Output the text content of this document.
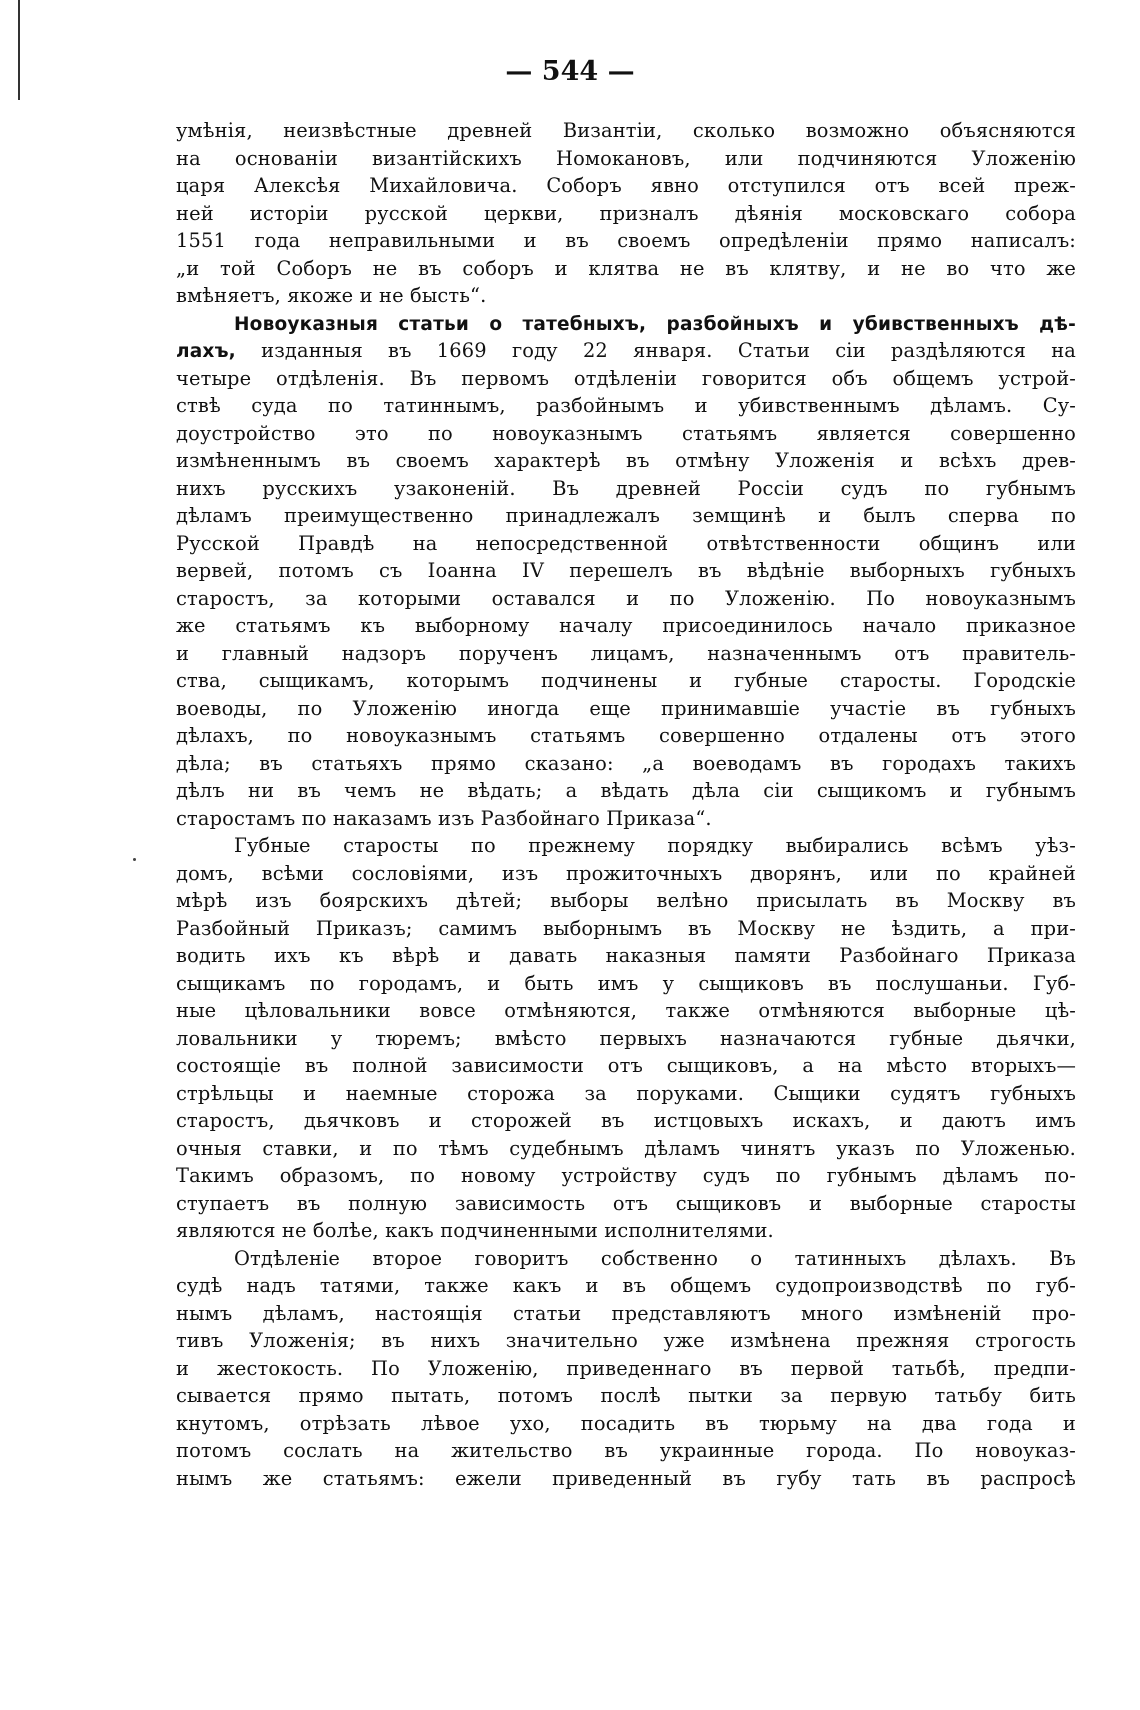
— 544 —
умѣнія, неизвѣстные древней Византіи, сколько возможно объясняются
на основаніи византійскихъ Номокановъ, или подчиняются Уложенію
царя Алексѣя Михайловича. Соборъ явно отступился отъ всей преж-
ней исторіи русской церкви, призналъ дѣянія московскаго собора
1551 года неправильными и въ своемъ опредѣленіи прямо написалъ:
„и той Соборъ не въ соборъ и клятва не въ клятву, и не во что же
вмѣняетъ, якоже и не бысть“.
Новоуказныя статьи о татебныхъ, разбойныхъ и убивственныхъ дѣ-
лахъ, изданныя въ 1669 году 22 января. Статьи сіи раздѣляются на
четыре отдѣленія. Въ первомъ отдѣленіи говорится объ общемъ устрой-
ствѣ суда по татиннымъ, разбойнымъ и убивственнымъ дѣламъ. Су-
доустройство это по новоуказнымъ статьямъ является совершенно
измѣненнымъ въ своемъ характерѣ въ отмѣну Уложенія и всѣхъ древ-
нихъ русскихъ узаконеній. Въ древней Россіи судъ по губнымъ
дѣламъ преимущественно принадлежалъ земщинѣ и былъ сперва по
Русской Правдѣ на непосредственной отвѣтственности общинъ или
вервей, потомъ съ Іоанна IV перешелъ въ вѣдѣніе выборныхъ губныхъ
старостъ, за которыми оставался и по Уложенію. По новоуказнымъ
же статьямъ къ выборному началу присоединилось начало приказное
и главный надзоръ порученъ лицамъ, назначеннымъ отъ правитель-
ства, сыщикамъ, которымъ подчинены и губные старосты. Городскіе
воеводы, по Уложенію иногда еще принимавшіе участіе въ губныхъ
дѣлахъ, по новоуказнымъ статьямъ совершенно отдалены отъ этого
дѣла; въ статьяхъ прямо сказано: „а воеводамъ въ городахъ такихъ
дѣлъ ни въ чемъ не вѣдать; а вѣдать дѣла сіи сыщикомъ и губнымъ
старостамъ по наказамъ изъ Разбойнаго Приказа“.
Губные старосты по прежнему порядку выбирались всѣмъ уѣз-
домъ, всѣми сословіями, изъ прожиточныхъ дворянъ, или по крайней
мѣрѣ изъ боярскихъ дѣтей; выборы велѣно присылать въ Москву въ
Разбойный Приказъ; самимъ выборнымъ въ Москву не ѣздить, а при-
водить ихъ къ вѣрѣ и давать наказныя памяти Разбойнаго Приказа
сыщикамъ по городамъ, и быть имъ у сыщиковъ въ послушаньи. Губ-
ные цѣловальники вовсе отмѣняются, также отмѣняются выборные цѣ-
ловальники у тюремъ; вмѣсто первыхъ назначаются губные дьячки,
состоящіе въ полной зависимости отъ сыщиковъ, а на мѣсто вторыхъ—
стрѣльцы и наемные сторожа за поруками. Сыщики судятъ губныхъ
старостъ, дьячковъ и сторожей въ истцовыхъ искахъ, и даютъ имъ
очныя ставки, и по тѣмъ судебнымъ дѣламъ чинятъ указъ по Уложенью.
Такимъ образомъ, по новому устройству судъ по губнымъ дѣламъ по-
ступаетъ въ полную зависимость отъ сыщиковъ и выборные старосты
являются не болѣе, какъ подчиненными исполнителями.
Отдѣленіе второе говоритъ собственно о татинныхъ дѣлахъ. Въ
судѣ надъ татями, также какъ и въ общемъ судопроизводствѣ по губ-
нымъ дѣламъ, настоящія статьи представляютъ много измѣненій про-
тивъ Уложенія; въ нихъ значительно уже измѣнена прежняя строгость
и жестокость. По Уложенію, приведеннаго въ первой татьбѣ, предпи-
сывается прямо пытать, потомъ послѣ пытки за первую татьбу бить
кнутомъ, отрѣзать лѣвое ухо, посадить въ тюрьму на два года и
потомъ сослать на жительство въ украинные города. По новоуказ-
нымъ же статьямъ: ежели приведенный въ губу тать въ распросѣ
